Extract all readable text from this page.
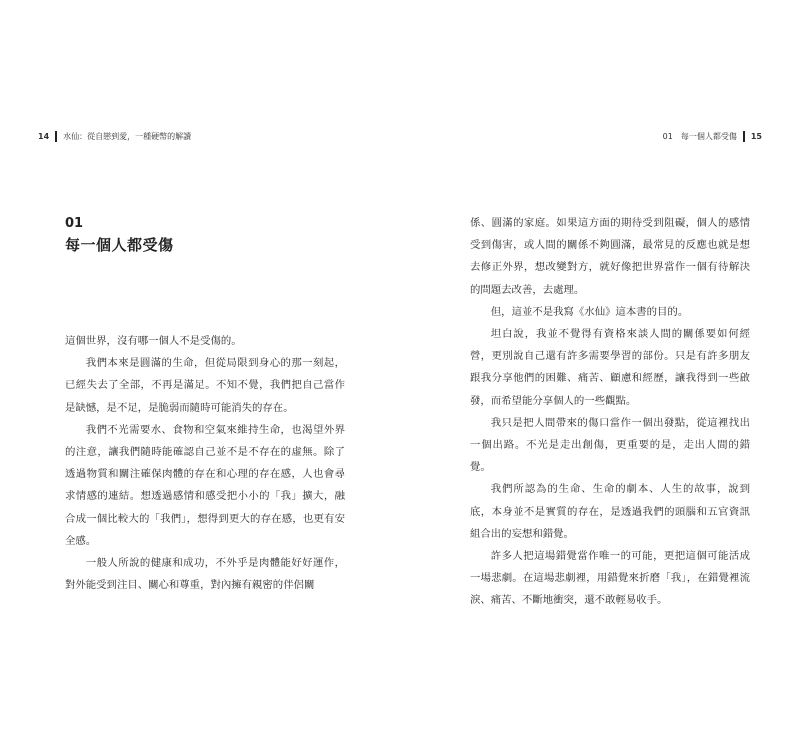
14 水仙：從自戀到愛，一種硬幣的解讀
01
每一個人都受傷

這個世界，沒有哪一個人不是受傷的。

我們本來是圓滿的生命，但從局限到身心的那一刻起，已經失去了全部，不再是滿足。不知不覺，我們把自己當作是缺憾，是不足，是脆弱而隨時可能消失的存在。

我們不光需要水、食物和空氣來維持生命，也渴望外界的注意，讓我們隨時能確認自己並不是不存在的虛無。除了透過物質和關注確保肉體的存在和心理的存在感，人也會尋求情感的連結。想透過感情和感受把小小的「我」擴大，融合成一個比較大的「我們」，想得到更大的存在感，也更有安全感。

一般人所說的健康和成功，不外乎是肉體能好好運作，對外能受到注目、關心和尊重，對內擁有親密的伴侶關

01　每一個人都受傷 15

係、圓滿的家庭。如果這方面的期待受到阻礙，個人的感情受到傷害，或人間的關係不夠圓滿，最常見的反應也就是想去修正外界，想改變對方，就好像把世界當作一個有待解決的問題去改善，去處理。

但，這並不是我寫《水仙》這本書的目的。

坦白說，我並不覺得有資格來談人間的關係要如何經營，更別說自己還有許多需要學習的部份。只是有許多朋友跟我分享他們的困難、痛苦、顧慮和經歷，讓我得到一些啟發，而希望能分享個人的一些觀點。

我只是把人間帶來的傷口當作一個出發點，從這裡找出一個出路。不光是走出創傷，更重要的是，走出人間的錯覺。

我們所認為的生命、生命的劇本、人生的故事，說到底，本身並不是實質的存在，是透過我們的頭腦和五官資訊組合出的妄想和錯覺。

許多人把這場錯覺當作唯一的可能，更把這個可能活成一場悲劇。在這場悲劇裡，用錯覺來折磨「我」，在錯覺裡流淚、痛苦、不斷地衝突，還不敢輕易收手。
